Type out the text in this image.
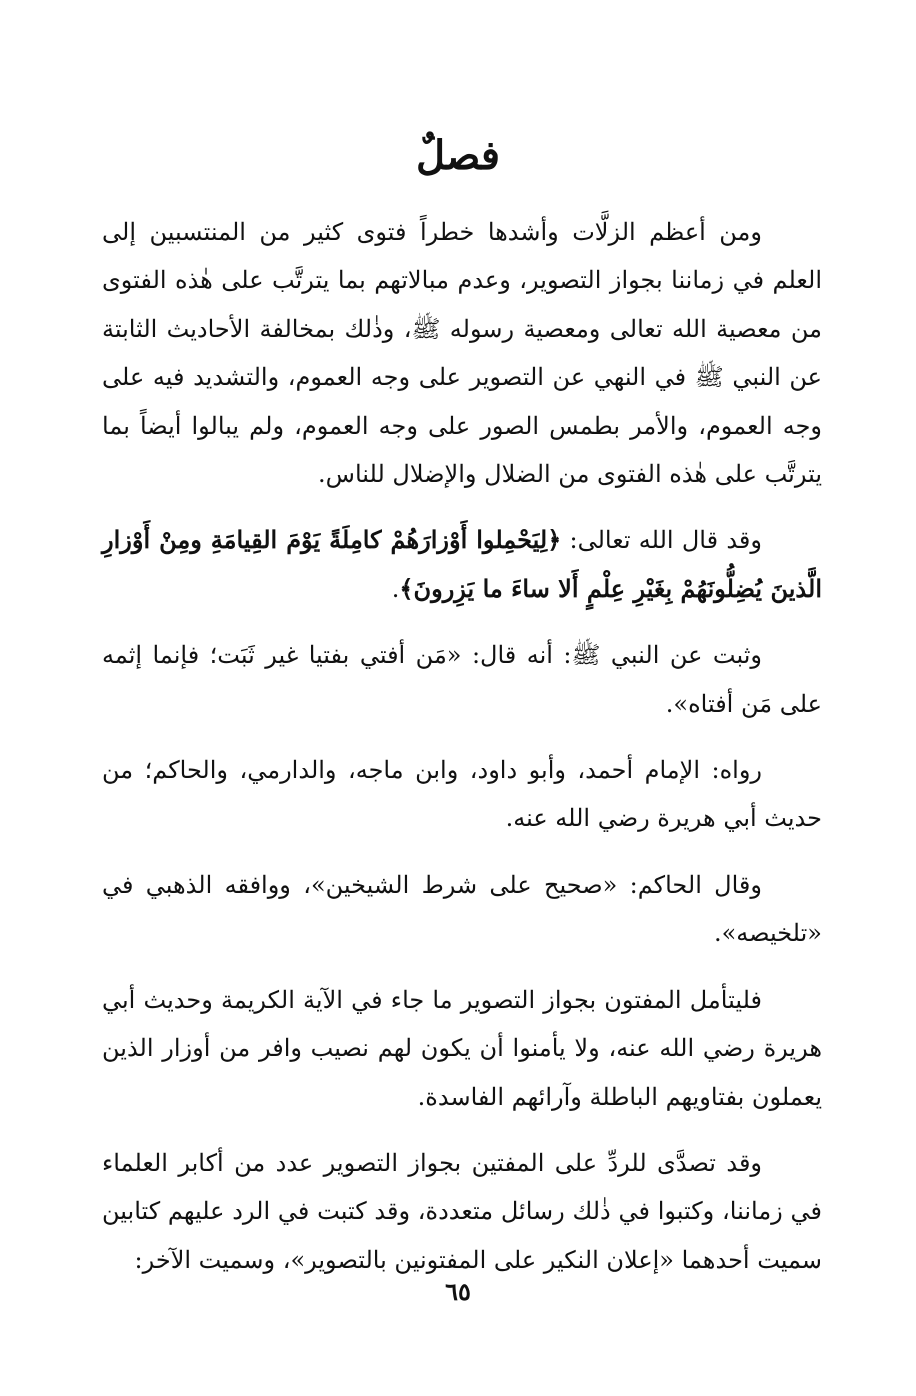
فصلٌ

ومن أعظم الزلَّات وأشدها خطراً فتوى كثير من المنتسبين إلى العلم في زماننا بجواز التصوير، وعدم مبالاتهم بما يترتَّب على هٰذه الفتوى من معصية الله تعالى ومعصية رسوله ﷺ، وذٰلك بمخالفة الأحاديث الثابتة عن النبي ﷺ في النهي عن التصوير على وجه العموم، والتشديد فيه على وجه العموم، والأمر بطمس الصور على وجه العموم، ولم يبالوا أيضاً بما يترتَّب على هٰذه الفتوى من الضلال والإضلال للناس.

وقد قال الله تعالى: ﴿لِيَحْمِلوا أَوْزارَهُمْ كامِلَةً يَوْمَ القِيامَةِ ومِنْ أَوْزارِ الَّذينَ يُضِلُّونَهُمْ بِغَيْرِ عِلْمٍ أَلا ساءَ ما يَزِرونَ﴾.

وثبت عن النبي ﷺ: أنه قال: «مَن أفتي بفتيا غير ثَبَت؛ فإنما إثمه على مَن أفتاه».

رواه: الإمام أحمد، وأبو داود، وابن ماجه، والدارمي، والحاكم؛ من حديث أبي هريرة رضي الله عنه.

وقال الحاكم: «صحيح على شرط الشيخين»، ووافقه الذهبي في «تلخيصه».

فليتأمل المفتون بجواز التصوير ما جاء في الآية الكريمة وحديث أبي هريرة رضي الله عنه، ولا يأمنوا أن يكون لهم نصيب وافر من أوزار الذين يعملون بفتاويهم الباطلة وآرائهم الفاسدة.

وقد تصدَّى للردِّ على المفتين بجواز التصوير عدد من أكابر العلماء في زماننا، وكتبوا في ذٰلك رسائل متعددة، وقد كتبت في الرد عليهم كتابين سميت أحدهما «إعلان النكير على المفتونين بالتصوير»، وسميت الآخر:

٦٥
